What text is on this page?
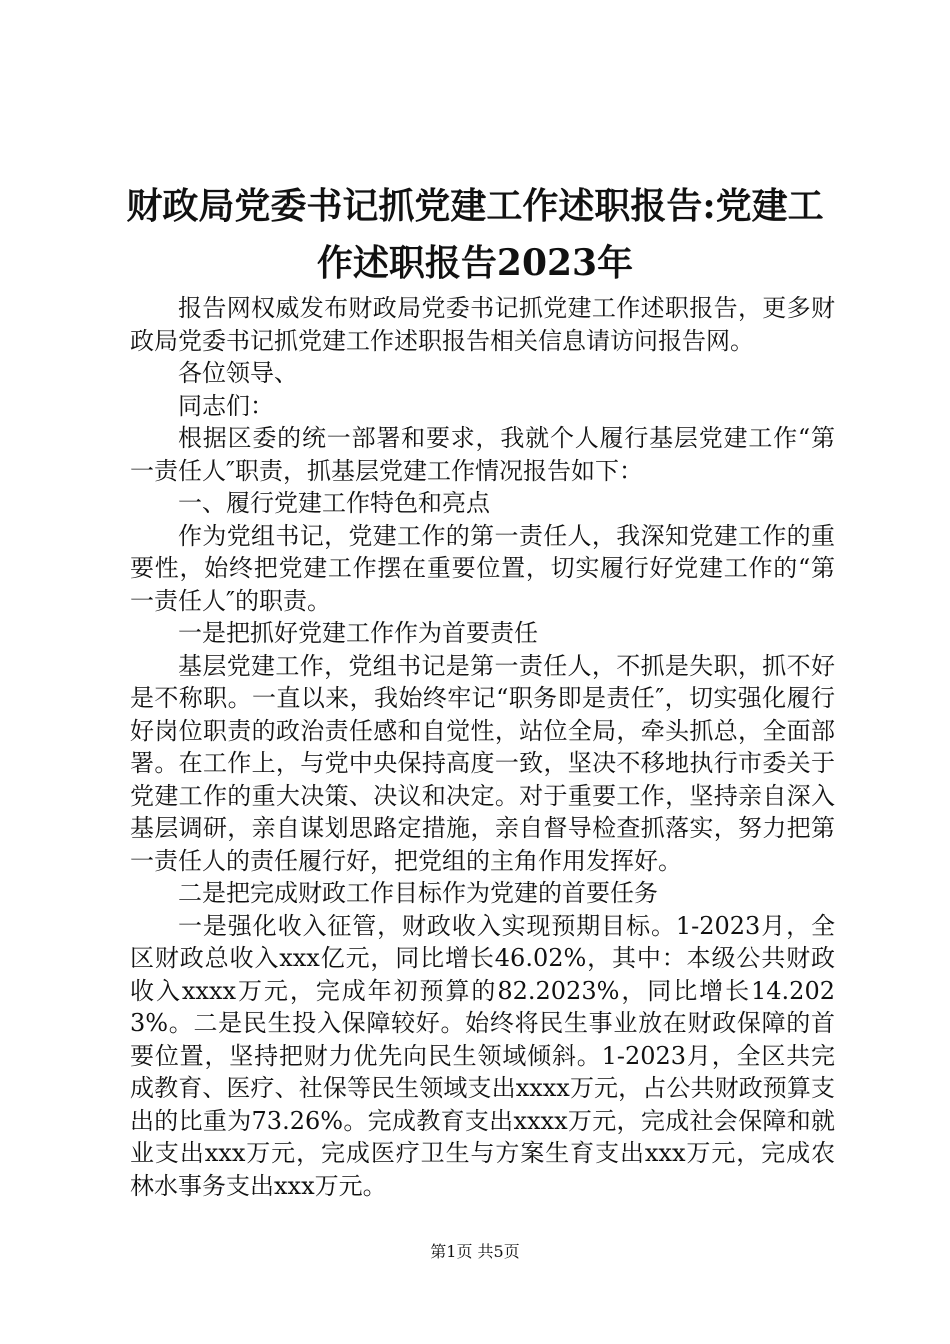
财政局党委书记抓党建工作述职报告:党建工
作述职报告2023年

报告网权威发布财政局党委书记抓党建工作述职报告，更多财政局党委书记抓党建工作述职报告相关信息请访问报告网。

各位领导、

同志们：

根据区委的统一部署和要求，我就个人履行基层党建工作“第一责任人″职责，抓基层党建工作情况报告如下：

一、履行党建工作特色和亮点

作为党组书记，党建工作的第一责任人，我深知党建工作的重要性，始终把党建工作摆在重要位置，切实履行好党建工作的“第一责任人″的职责。

一是把抓好党建工作作为首要责任

基层党建工作，党组书记是第一责任人，不抓是失职，抓不好是不称职。一直以来，我始终牢记“职务即是责任″，切实强化履行好岗位职责的政治责任感和自觉性，站位全局，牵头抓总，全面部署。在工作上，与党中央保持高度一致，坚决不移地执行市委关于党建工作的重大决策、决议和决定。对于重要工作，坚持亲自深入基层调研，亲自谋划思路定措施，亲自督导检查抓落实，努力把第一责任人的责任履行好，把党组的主角作用发挥好。

二是把完成财政工作目标作为党建的首要任务

一是强化收入征管，财政收入实现预期目标。1-2023月，全区财政总收入xxx亿元，同比增长46.02%，其中：本级公共财政收入xxxx万元，完成年初预算的82.2023%，同比增长14.2023%。二是民生投入保障较好。始终将民生事业放在财政保障的首要位置，坚持把财力优先向民生领域倾斜。1-2023月，全区共完成教育、医疗、社保等民生领域支出xxxx万元，占公共财政预算支出的比重为73.26%。完成教育支出xxxx万元，完成社会保障和就业支出xxx万元，完成医疗卫生与方案生育支出xxx万元，完成农林水事务支出xxx万元。

第1页 共5页
